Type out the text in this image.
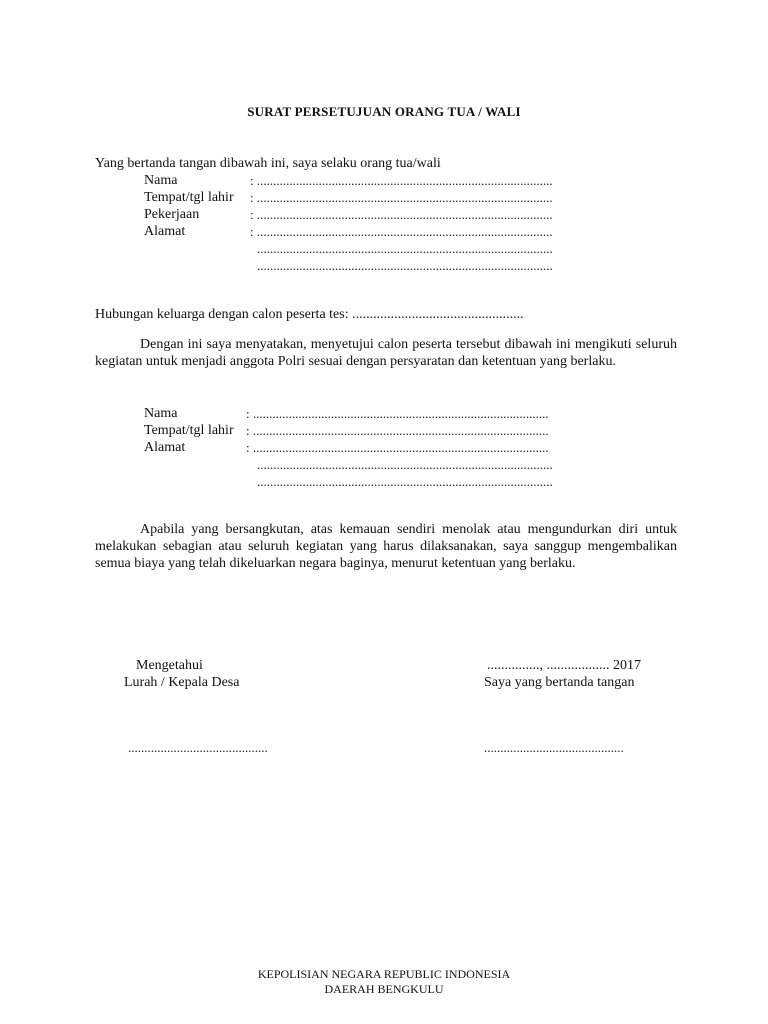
SURAT PERSETUJUAN ORANG TUA / WALI
Yang bertanda tangan dibawah ini, saya selaku orang tua/wali
Nama	: ...........................................................................................
Tempat/tgl lahir : ...........................................................................................
Pekerjaan	: ...........................................................................................
Alamat	: ...........................................................................................
...........................................................................................
...........................................................................................
Hubungan keluarga dengan calon peserta tes: .................................................
Dengan ini saya menyatakan, menyetujui calon peserta tersebut dibawah ini mengikuti seluruh kegiatan untuk menjadi anggota Polri sesuai dengan persyaratan dan ketentuan yang berlaku.
Nama	: ...........................................................................................
Tempat/tgl lahir : ...........................................................................................
Alamat	: ...........................................................................................
...........................................................................................
...........................................................................................
Apabila yang bersangkutan, atas kemauan sendiri menolak atau mengundurkan diri untuk melakukan sebagian atau seluruh kegiatan yang harus dilaksanakan, saya sanggup mengembalikan semua biaya yang telah dikeluarkan negara baginya, menurut ketentuan yang berlaku.
Mengetahui
Lurah / Kepala Desa
...........................................
..............., .................. 2017
Saya yang bertanda tangan
...........................................
KEPOLISIAN NEGARA REPUBLIC INDONESIA
DAERAH BENGKULU
